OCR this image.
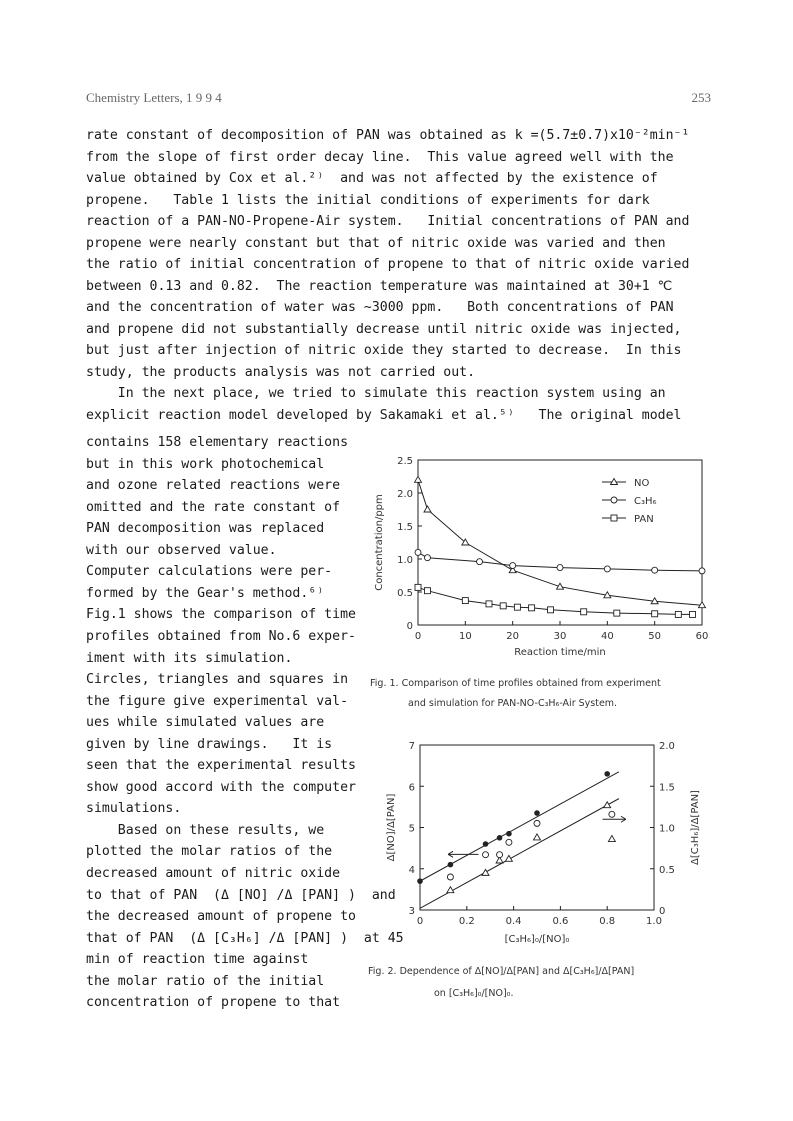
Chemistry Letters, 1 9 9 4	253
rate constant of decomposition of PAN was obtained as k =(5.7±0.7)x10⁻²min⁻¹
from the slope of first order decay line.  This value agreed well with the
value obtained by Cox et al.²⁾  and was not affected by the existence of
propene.   Table 1 lists the initial conditions of experiments for dark
reaction of a PAN-NO-Propene-Air system.   Initial concentrations of PAN and
propene were nearly constant but that of nitric oxide was varied and then
the ratio of initial concentration of propene to that of nitric oxide varied
between 0.13 and 0.82.  The reaction temperature was maintained at 30+1 ℃
and the concentration of water was ~3000 ppm.   Both concentrations of PAN
and propene did not substantially decrease until nitric oxide was injected,
but just after injection of nitric oxide they started to decrease.  In this
study, the products analysis was not carried out.
In the next place, we tried to simulate this reaction system using an
explicit reaction model developed by Sakamaki et al.⁵⁾   The original model
contains 158 elementary reactions
but in this work photochemical
and ozone related reactions were
omitted and the rate constant of
PAN decomposition was replaced
with our observed value.
Computer calculations were per-
formed by the Gear's method.⁶⁾
Fig.1 shows the comparison of time
profiles obtained from No.6 exper-
iment with its simulation.
Circles, triangles and squares in
the figure give experimental val-
ues while simulated values are
given by line drawings.   It is
seen that the experimental results
show good accord with the computer
simulations.
Based on these results, we
plotted the molar ratios of the
decreased amount of nitric oxide
to that of PAN  (Δ [NO] /Δ [PAN] )  and
the decreased amount of propene to
that of PAN  (Δ [C₃H₆] /Δ [PAN] )  at 45
min of reaction time against
the molar ratio of the initial
concentration of propene to that
0	10	20	30	40	50	60
0
0.5
1.0
1.5
2.0
2.5
Reaction time/min
Concentration/ppm
NO
C₃H₆
PAN
Fig. 1. Comparison of time profiles obtained from experiment
and simulation for PAN-NO-C₃H₆-Air System.
0	0.2	0.4	0.6	0.8	1.0
3
4
5
6
7
0
0.5
1.0
1.5
2.0
[C₃H₆]₀/[NO]₀
Δ[NO]/Δ[PAN]	Δ[C₃H₆]/Δ[PAN]
Fig. 2. Dependence of Δ[NO]/Δ[PAN] and Δ[C₃H₆]/Δ[PAN]
on [C₃H₆]₀/[NO]₀.
